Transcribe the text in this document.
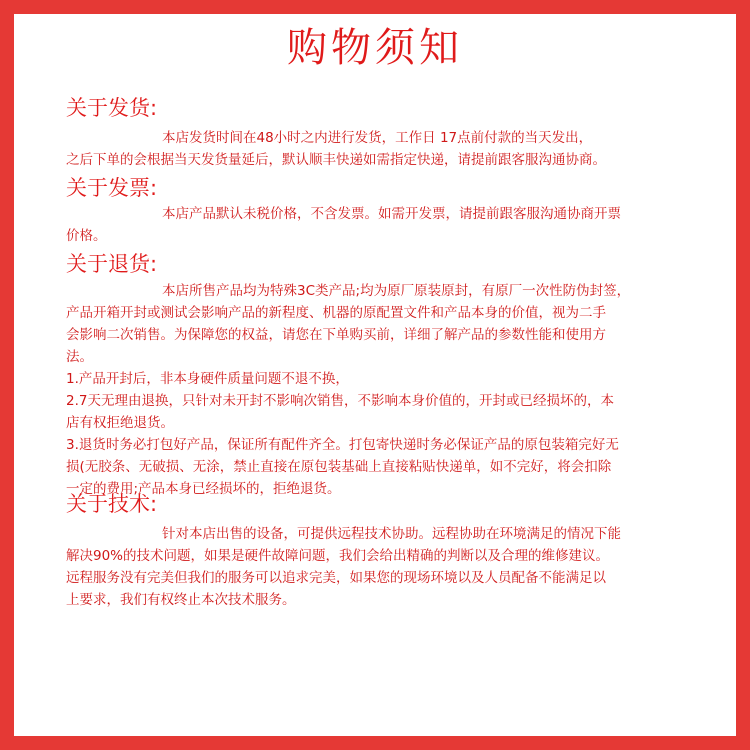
购物须知
关于发货:
本店发货时间在48小时之内进行发货，工作日 17点前付款的当天发出，
之后下单的会根据当天发货量延后，默认顺丰快递如需指定快递，请提前跟客服沟通协商。
关于发票:
本店产品默认未税价格，不含发票。如需开发票，请提前跟客服沟通协商开票
价格。
关于退货:
本店所售产品均为特殊3C类产品;均为原厂原装原封，有原厂一次性防伪封签，
产品开箱开封或测试会影响产品的新程度、机器的原配置文件和产品本身的价值，视为二手
会影响二次销售。为保障您的权益，请您在下单购买前，详细了解产品的参数性能和使用方
法。
1.产品开封后，非本身硬件质量问题不退不换，
2.7天无理由退换，只针对未开封不影响次销售，不影响本身价值的，开封或已经损坏的，本
店有权拒绝退货。
3.退货时务必打包好产品，保证所有配件齐全。打包寄快递时务必保证产品的原包装箱完好无
损(无胶条、无破损、无涂，禁止直接在原包装基础上直接粘贴快递单，如不完好，将会扣除
一定的费用;产品本身已经损坏的，拒绝退货。
关于技术:
针对本店出售的设备，可提供远程技术协助。远程协助在环境满足的情况下能
解决90%的技术问题，如果是硬件故障问题，我们会给出精确的判断以及合理的维修建议。
远程服务没有完美但我们的服务可以追求完美，如果您的现场环境以及人员配备不能满足以
上要求，我们有权终止本次技术服务。
